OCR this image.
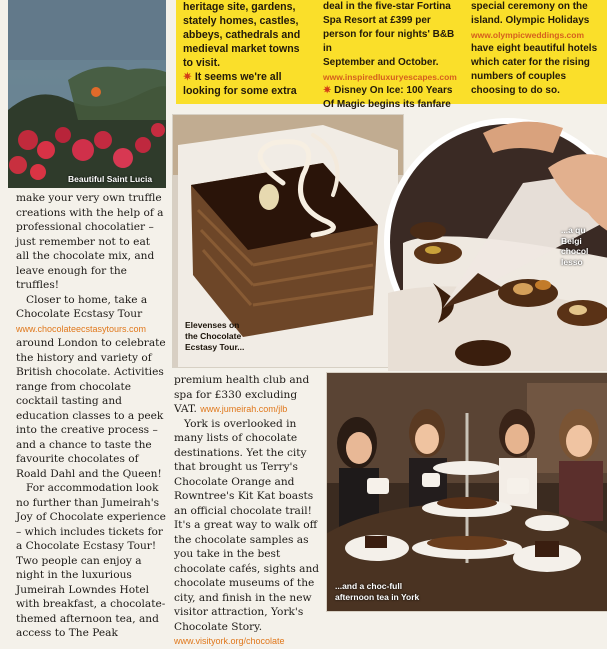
Beautiful Saint Lucia

heritage site, gardens,

stately homes, castles,

abbeys, cathedrals and

medieval market towns

to visit.

✷ It seems we're all

looking for some extra

deal in the five-star Fortina

Spa Resort at £399 per

person for four nights' B&B in

September and October.

www.inspiredluxuryescapes.com

✷ Disney On Ice: 100 Years

Of Magic begins its fanfare

special ceremony on the

island. Olympic Holidays

www.olympicweddings.com

have eight beautiful hotels

which cater for the rising

numbers of couples

choosing to do so.

make your very own truffle creations with the help of a professional chocolatier – just remember not to eat all the chocolate mix, and leave enough for the truffles!

Closer to home, take a Chocolate Ecstasy Tour www.chocolateecstasytours.com around London to celebrate the history and variety of British chocolate. Activities range from chocolate cocktail tasting and education classes to a peek into the creative process – and a chance to taste the favourite chocolates of Roald Dahl and the Queen!

For accommodation look no further than Jumeirah's Joy of Chocolate experience – which includes tickets for a Chocolate Ecstasy Tour! Two people can enjoy a night in the luxurious Jumeirah Lowndes Hotel with breakfast, a chocolate-themed afternoon tea, and access to The Peak

Elevenses on
the Chocolate
Ecstasy Tour...
...a qu
Belgi
chocol
lesso

premium health club and spa for £330 excluding VAT. www.jumeirah.com/jlb

York is overlooked in many lists of chocolate destinations. Yet the city that brought us Terry's Chocolate Orange and Rowntree's Kit Kat boasts an official chocolate trail! It's a great way to walk off the chocolate samples as you take in the best chocolate cafés, sights and chocolate museums of the city, and finish in the new visitor attraction, York's Chocolate Story. www.visityork.org/chocolate

...and a choc-full
afternoon tea in York
